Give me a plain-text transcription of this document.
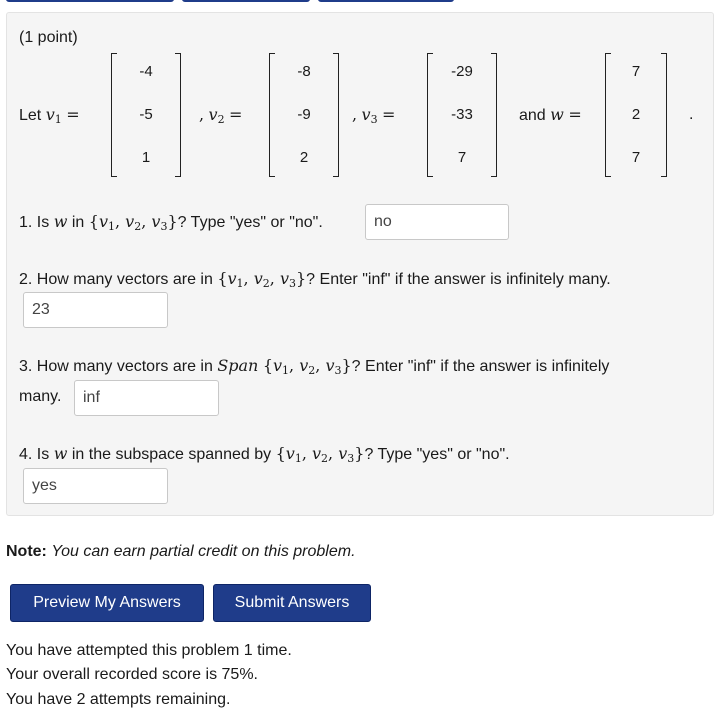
(1 point)
Let $v_1$ =
-4
-5
1
, $v_2$ =
-8
-9
2
, $v_3$ =
-29
-33
7
and w =
7
2
7
.
1. Is w in {$v_1$, $v_2$, $v_3$}? Type "yes" or "no".	no
2. How many vectors are in {$v_1$, $v_2$, $v_3$}? Enter "inf" if the answer is infinitely many.
23
3. How many vectors are in Span {$v_1$, $v_2$, $v_3$}? Enter "inf" if the answer is infinitely
many.	inf
4. Is w in the subspace spanned by {$v_1$, $v_2$, $v_3$}? Type "yes" or "no".
yes
Note: You can earn partial credit on this problem.
Preview My Answers	Submit Answers
You have attempted this problem 1 time.
Your overall recorded score is 75%.
You have 2 attempts remaining.
